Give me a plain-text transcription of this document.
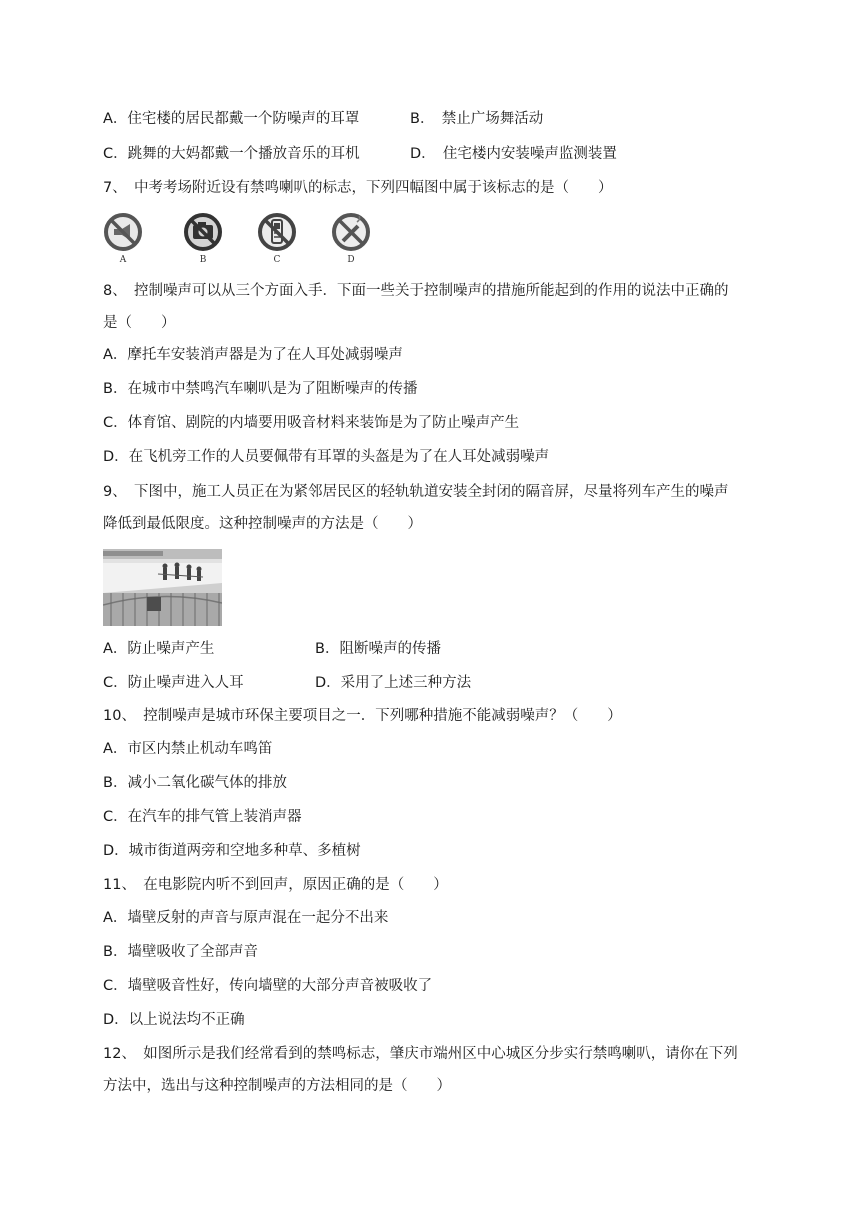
A．住宅楼的居民都戴一个防噪声的耳罩	B．　禁止广场舞活动
C．跳舞的大妈都戴一个播放音乐的耳机	D．　住宅楼内安装噪声监测装置
7、　中考考场附近设有禁鸣喇叭的标志，下列四幅图中属于该标志的是（　　）
A	B	C	D
8、　控制噪声可以从三个方面入手．下面一些关于控制噪声的措施所能起到的作用的说法中正确的
是（　　）
A．摩托车安装消声器是为了在人耳处减弱噪声
B．在城市中禁鸣汽车喇叭是为了阻断噪声的传播
C．体育馆、剧院的内墙要用吸音材料来装饰是为了防止噪声产生
D．在飞机旁工作的人员要佩带有耳罩的头盔是为了在人耳处减弱噪声
9、　下图中，施工人员正在为紧邻居民区的轻轨轨道安装全封闭的隔音屏，尽量将列车产生的噪声
降低到最低限度。这种控制噪声的方法是（　　）
A．防止噪声产生	B．阻断噪声的传播
C．防止噪声进入人耳	D．采用了上述三种方法
10、　控制噪声是城市环保主要项目之一．下列哪种措施不能减弱噪声？（　　）
A．市区内禁止机动车鸣笛
B．减小二氧化碳气体的排放
C．在汽车的排气管上装消声器
D．城市街道两旁和空地多种草、多植树
11、　在电影院内听不到回声，原因正确的是（　　）
A．墙壁反射的声音与原声混在一起分不出来
B．墙壁吸收了全部声音
C．墙壁吸音性好，传向墙壁的大部分声音被吸收了
D．以上说法均不正确
12、　如图所示是我们经常看到的禁鸣标志，肇庆市端州区中心城区分步实行禁鸣喇叭，请你在下列
方法中，选出与这种控制噪声的方法相同的是（　　）
